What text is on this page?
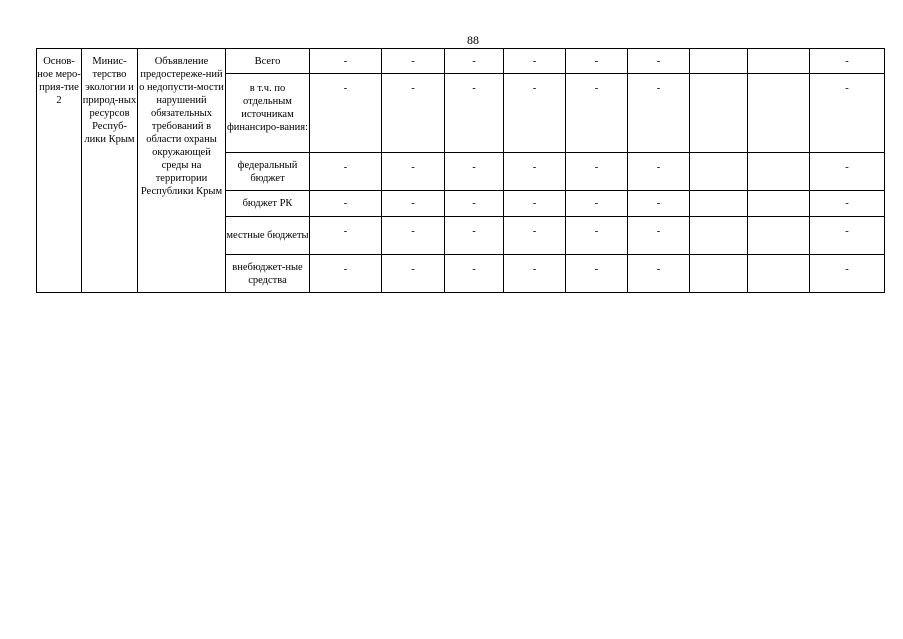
88
Основ-ное меро-прия-тие 2	Минис-терство экологии и природ-ных ресурсов Респуб-лики Крым	Объявление предостереже-ний о недопусти-мости нарушений обязательных требований в области охраны окружающей среды на территории Республики Крым	Всего	-	-	-	-	-	-			-
			в т.ч. по отдельным источникам финансиро-вания:	-	-	-	-	-	-			-
			федеральный бюджет	-	-	-	-	-	-			-
			бюджет РК	-	-	-	-	-	-			-
			местные бюджеты	-	-	-	-	-	-			-
			внебюджет-ные средства	-	-	-	-	-	-			-
